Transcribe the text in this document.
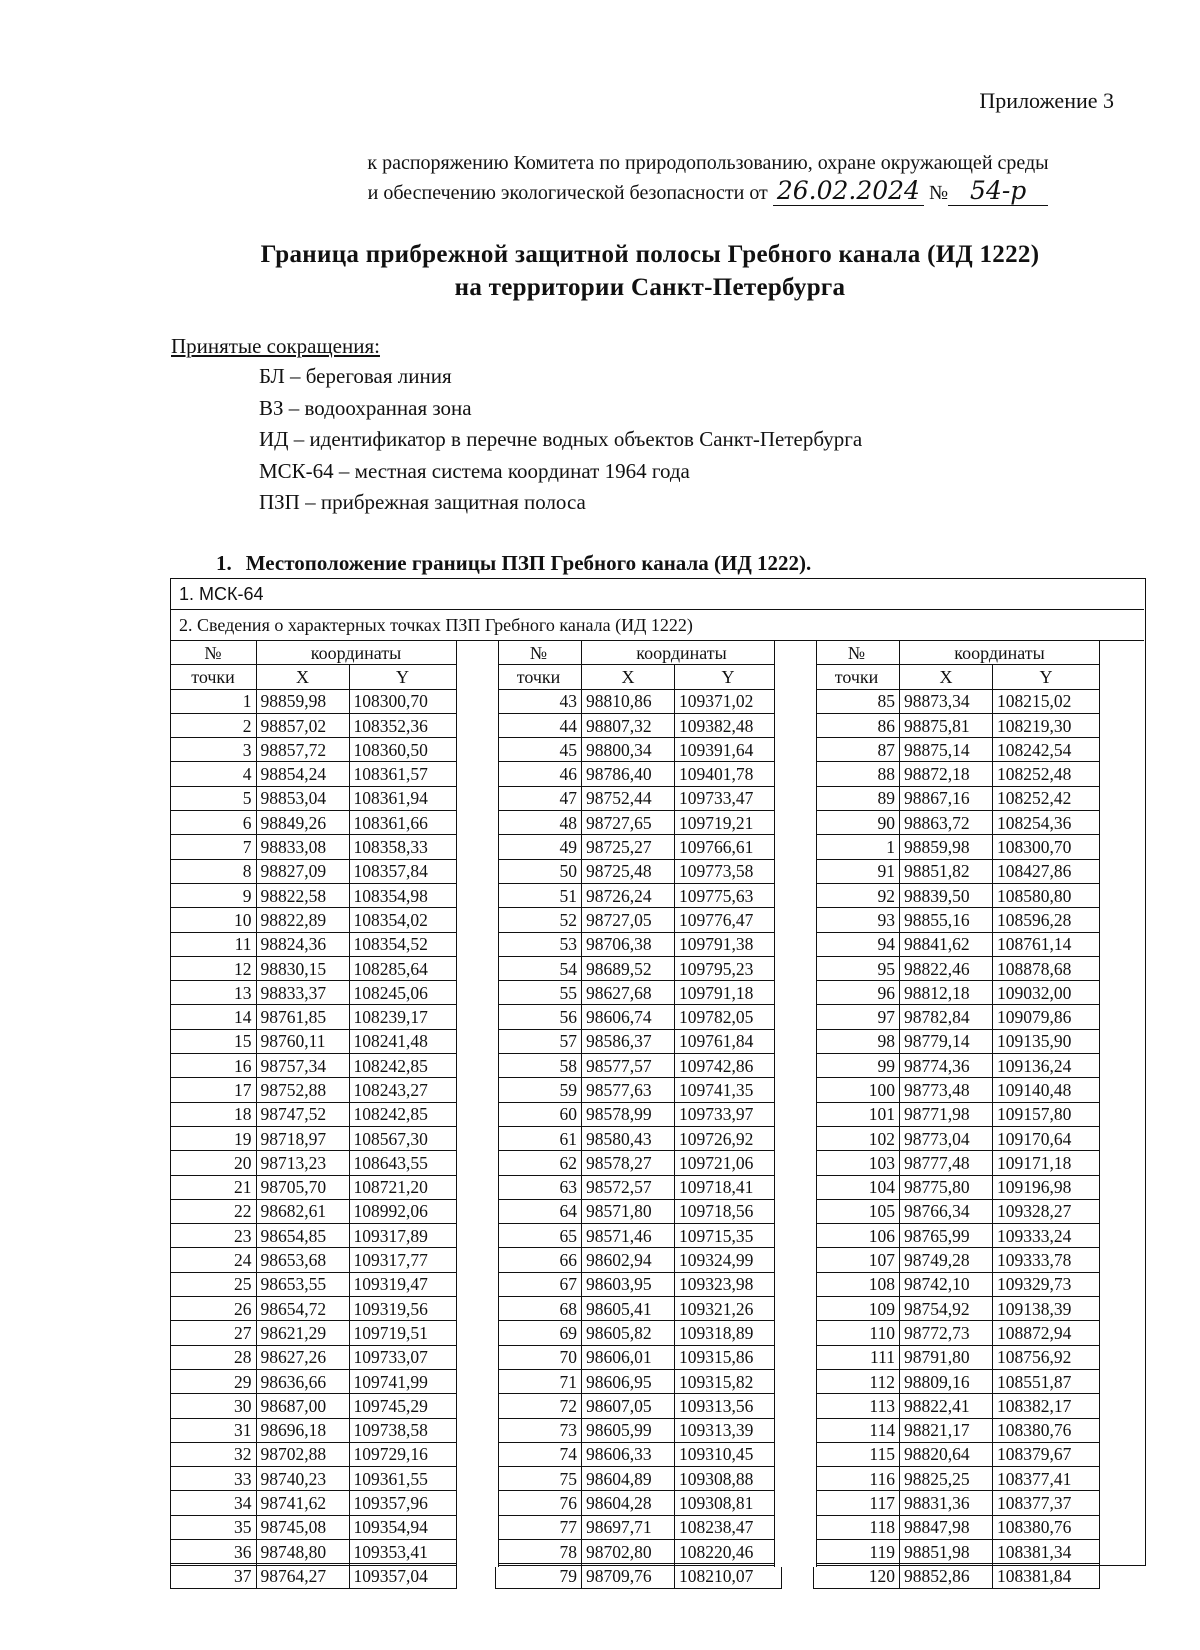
Приложение 3
к распоряжению Комитета по природопользованию, охране окружающей среды
и обеспечению экологической безопасности от 26.02.2024 № 54-р
Граница прибрежной защитной полосы Гребного канала (ИД 1222)
на территории Санкт-Петербурга
Принятые сокращения:
БЛ – береговая линия
ВЗ – водоохранная зона
ИД – идентификатор в перечне водных объектов Санкт-Петербурга
МСК-64 – местная система координат 1964 года
ПЗП – прибрежная защитная полоса
1. Местоположение границы ПЗП Гребного канала (ИД 1222).
1. МСК-64
2. Сведения о характерных точках ПЗП Гребного канала (ИД 1222)
№	координаты	
точки	X	Y
1	98859,98	108300,70
2	98857,02	108352,36
3	98857,72	108360,50
4	98854,24	108361,57
5	98853,04	108361,94
6	98849,26	108361,66
7	98833,08	108358,33
8	98827,09	108357,84
9	98822,58	108354,98
10	98822,89	108354,02
11	98824,36	108354,52
12	98830,15	108285,64
13	98833,37	108245,06
14	98761,85	108239,17
15	98760,11	108241,48
16	98757,34	108242,85
17	98752,88	108243,27
18	98747,52	108242,85
19	98718,97	108567,30
20	98713,23	108643,55
21	98705,70	108721,20
22	98682,61	108992,06
23	98654,85	109317,89
24	98653,68	109317,77
25	98653,55	109319,47
26	98654,72	109319,56
27	98621,29	109719,51
28	98627,26	109733,07
29	98636,66	109741,99
30	98687,00	109745,29
31	98696,18	109738,58
32	98702,88	109729,16
33	98740,23	109361,55
34	98741,62	109357,96
35	98745,08	109354,94
36	98748,80	109353,41
37	98764,27	109357,04
№	координаты	
точки	X	Y
43	98810,86	109371,02
44	98807,32	109382,48
45	98800,34	109391,64
46	98786,40	109401,78
47	98752,44	109733,47
48	98727,65	109719,21
49	98725,27	109766,61
50	98725,48	109773,58
51	98726,24	109775,63
52	98727,05	109776,47
53	98706,38	109791,38
54	98689,52	109795,23
55	98627,68	109791,18
56	98606,74	109782,05
57	98586,37	109761,84
58	98577,57	109742,86
59	98577,63	109741,35
60	98578,99	109733,97
61	98580,43	109726,92
62	98578,27	109721,06
63	98572,57	109718,41
64	98571,80	109718,56
65	98571,46	109715,35
66	98602,94	109324,99
67	98603,95	109323,98
68	98605,41	109321,26
69	98605,82	109318,89
70	98606,01	109315,86
71	98606,95	109315,82
72	98607,05	109313,56
73	98605,99	109313,39
74	98606,33	109310,45
75	98604,89	109308,88
76	98604,28	109308,81
77	98697,71	108238,47
78	98702,80	108220,46
79	98709,76	108210,07
№	координаты	
точки	X	Y
85	98873,34	108215,02
86	98875,81	108219,30
87	98875,14	108242,54
88	98872,18	108252,48
89	98867,16	108252,42
90	98863,72	108254,36
1	98859,98	108300,70
91	98851,82	108427,86
92	98839,50	108580,80
93	98855,16	108596,28
94	98841,62	108761,14
95	98822,46	108878,68
96	98812,18	109032,00
97	98782,84	109079,86
98	98779,14	109135,90
99	98774,36	109136,24
100	98773,48	109140,48
101	98771,98	109157,80
102	98773,04	109170,64
103	98777,48	109171,18
104	98775,80	109196,98
105	98766,34	109328,27
106	98765,99	109333,24
107	98749,28	109333,78
108	98742,10	109329,73
109	98754,92	109138,39
110	98772,73	108872,94
111	98791,80	108756,92
112	98809,16	108551,87
113	98822,41	108382,17
114	98821,17	108380,76
115	98820,64	108379,67
116	98825,25	108377,41
117	98831,36	108377,37
118	98847,98	108380,76
119	98851,98	108381,34
120	98852,86	108381,84
